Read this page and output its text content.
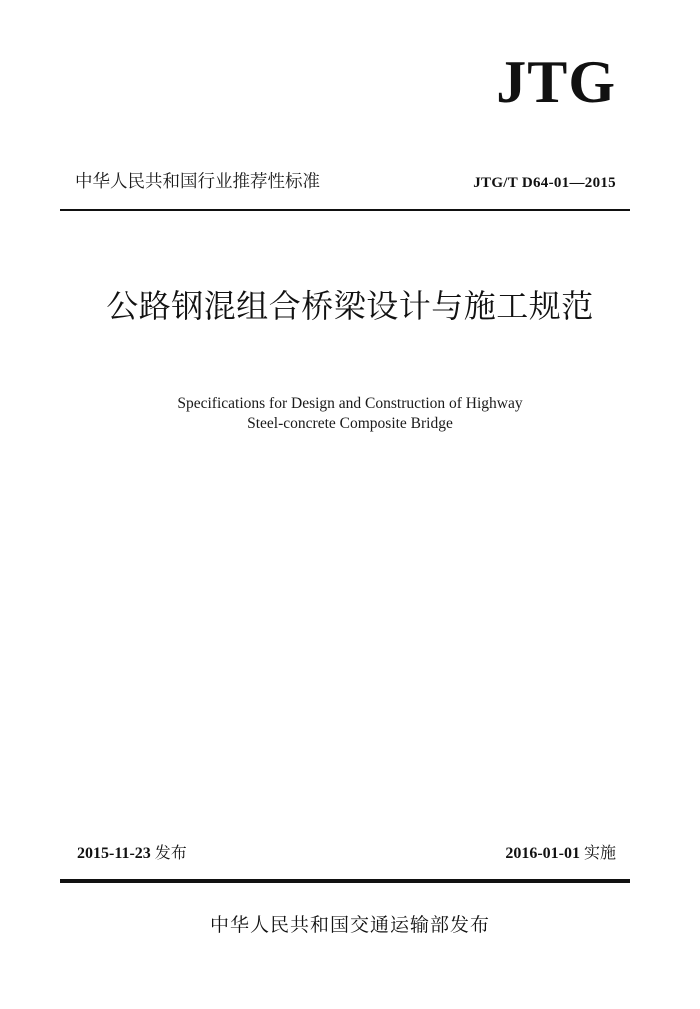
JTG
中华人民共和国行业推荐性标准	JTG/T D64-01—2015
公路钢混组合桥梁设计与施工规范
Specifications for Design and Construction of Highway
Steel-concrete Composite Bridge
2015-11-23 发布	2016-01-01 实施
中华人民共和国交通运输部发布
